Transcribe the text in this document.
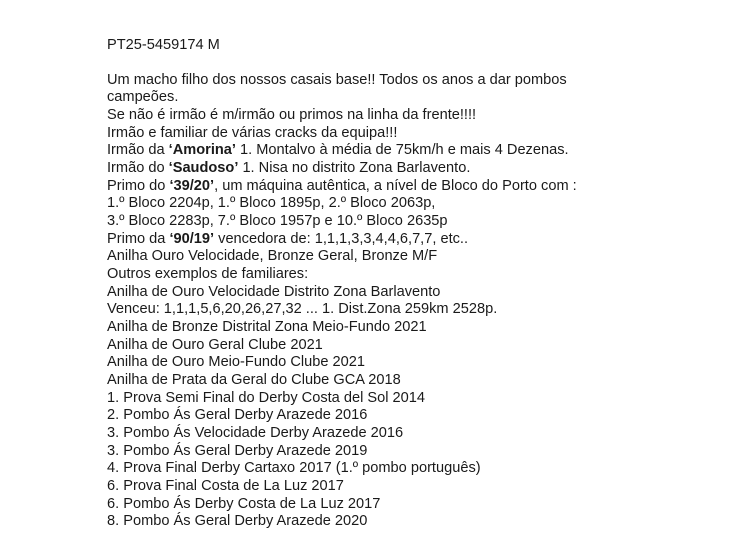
PT25-5459174 M
Um macho filho dos nossos casais base!! Todos os anos a dar pombos
campeões.
Se não é irmão é m/irmão ou primos na linha da frente!!!!
Irmão e familiar de várias cracks da equipa!!!
Irmão da ‘Amorina’ 1. Montalvo à média de 75km/h e mais 4 Dezenas.
Irmão do ‘Saudoso’ 1. Nisa no distrito Zona Barlavento.
Primo do ‘39/20’, um máquina autêntica, a nível de Bloco do Porto com :
1.º Bloco 2204p, 1.º Bloco 1895p, 2.º Bloco 2063p,
3.º Bloco 2283p, 7.º Bloco 1957p e 10.º Bloco 2635p
Primo da ‘90/19’ vencedora de: 1,1,1,3,3,4,4,6,7,7, etc..
Anilha Ouro Velocidade, Bronze Geral, Bronze M/F
Outros exemplos de familiares:
Anilha de Ouro Velocidade Distrito Zona Barlavento
Venceu: 1,1,1,5,6,20,26,27,32 ... 1. Dist.Zona 259km 2528p.
Anilha de Bronze Distrital Zona Meio-Fundo 2021
Anilha de Ouro Geral Clube 2021
Anilha de Ouro Meio-Fundo Clube 2021
Anilha de Prata da Geral do Clube GCA 2018
1. Prova Semi Final do Derby Costa del Sol 2014
2. Pombo Ás Geral Derby Arazede 2016
3. Pombo Ás Velocidade Derby Arazede 2016
3. Pombo Ás Geral Derby Arazede 2019
4. Prova Final Derby Cartaxo 2017 (1.º pombo português)
6. Prova Final Costa de La Luz 2017
6. Pombo Ás Derby Costa de La Luz 2017
8. Pombo Ás Geral Derby Arazede 2020
